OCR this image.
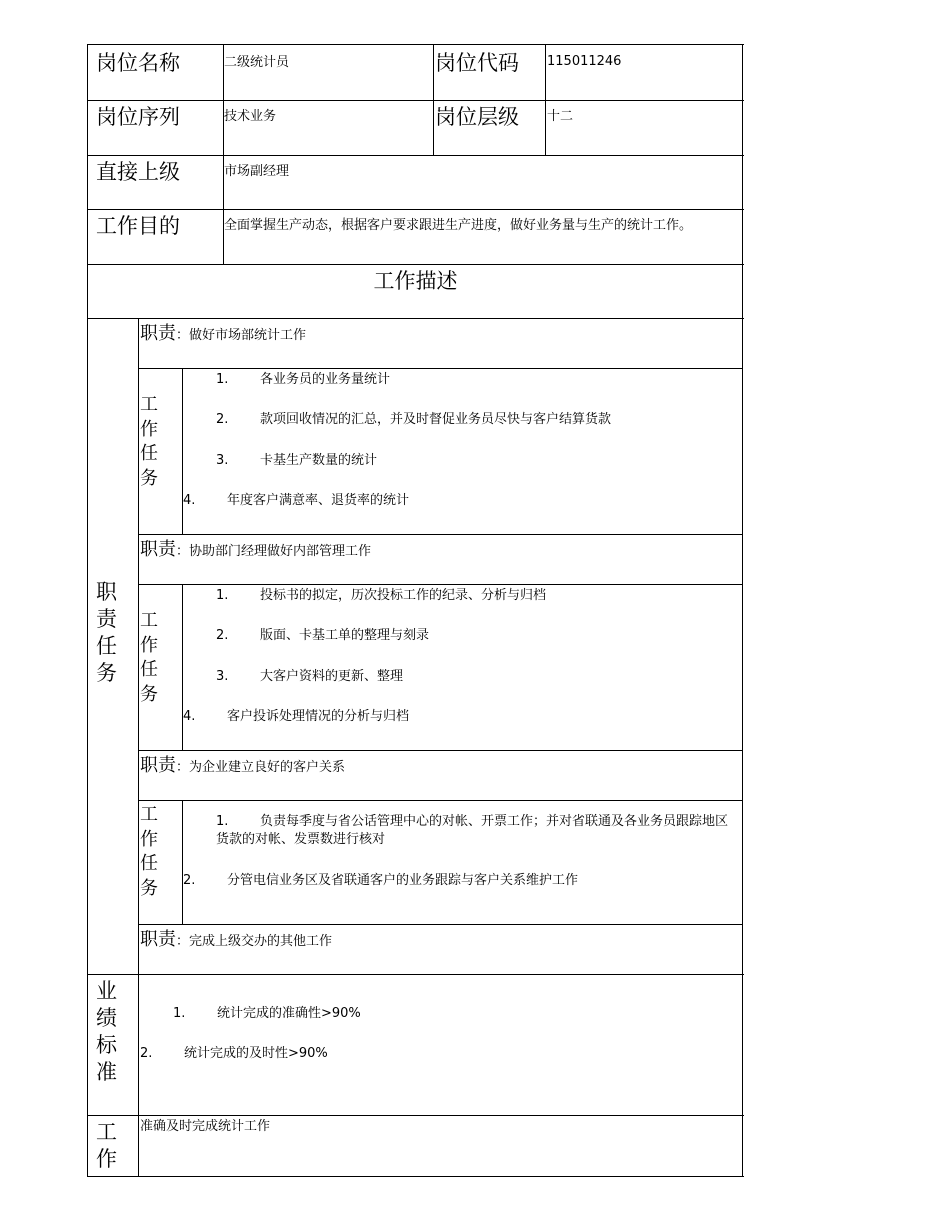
岗位名称	二级统计员	岗位代码 115011246
岗位序列	技术业务	岗位层级 十二
直接上级	市场副经理
工作目的	全面掌握生产动态，根据客户要求跟进生产进度，做好业务量与生产的统计工作。
工作描述
职责任务
职责：做好市场部统计工作
工作任务
1.	各业务员的业务量统计
2.	款项回收情况的汇总，并及时督促业务员尽快与客户结算货款
3.	卡基生产数量的统计
4.	年度客户满意率、退货率的统计
职责：协助部门经理做好内部管理工作
工作任务
1.	投标书的拟定，历次投标工作的纪录、分析与归档
2.	版面、卡基工单的整理与刻录
3.	大客户资料的更新、整理
4.	客户投诉处理情况的分析与归档
职责：为企业建立良好的客户关系
工作任务
1. 负责每季度与省公话管理中心的对帐、开票工作；并对省联通及各业务员跟踪地区货款的对帐、发票数进行核对
2.	分管电信业务区及省联通客户的业务跟踪与客户关系维护工作
职责：完成上级交办的其他工作
业绩标准
1.	统计完成的准确性>90%
2.	统计完成的及时性>90%
工作
准确及时完成统计工作
